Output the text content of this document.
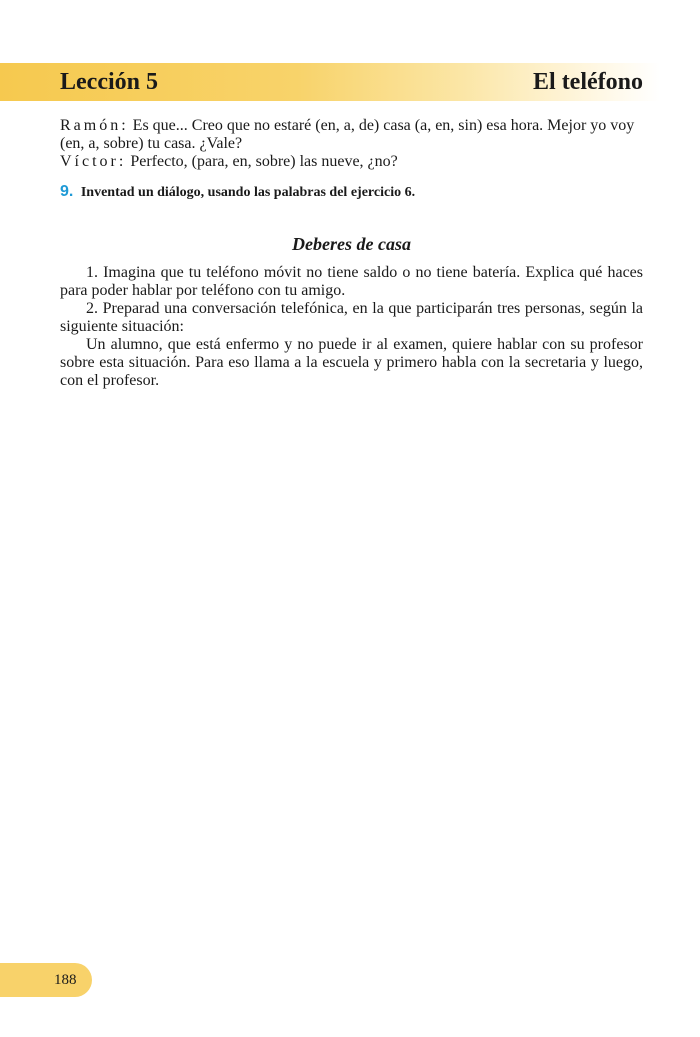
Lección 5	El teléfono

Ramón: Es que... Creo que no estaré (en, a, de) casa (a, en, sin) esa hora. Mejor yo voy (en, a, sobre) tu casa. ¿Vale?

Víctor: Perfecto, (para, en, sobre) las nueve, ¿no?

9. Inventad un diálogo, usando las palabras del ejercicio 6.
Deberes de casa

1. Imagina que tu teléfono móvit no tiene saldo o no tiene batería. Explica qué haces para poder hablar por teléfono con tu amigo.

2. Preparad una conversación telefónica, en la que participarán tres personas, según la siguiente situación:

Un alumno, que está enfermo y no puede ir al examen, quiere hablar con su profesor sobre esta situación. Para eso llama a la escuela y primero habla con la secretaria y luego, con el profesor.

188
